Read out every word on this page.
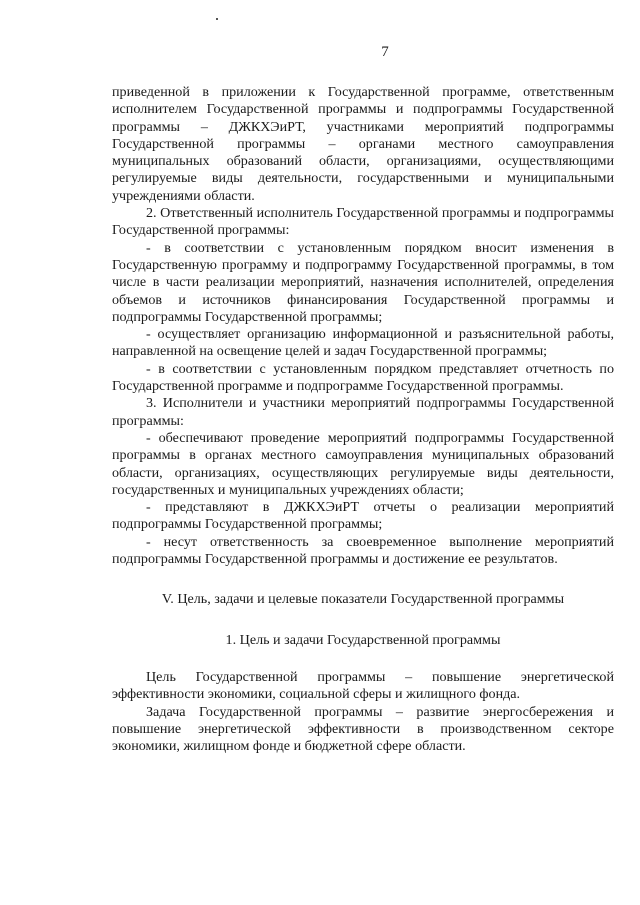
7

приведенной в приложении к Государственной программе, ответственным исполнителем Государственной программы и подпрограммы Государственной программы – ДЖКХЭиРТ, участниками мероприятий подпрограммы Государственной программы – органами местного самоуправления муниципальных образований области, организациями, осуществляющими регулируемые виды деятельности, государственными и муниципальными учреждениями области.

2. Ответственный исполнитель Государственной программы и подпрограммы Государственной программы:

- в соответствии с установленным порядком вносит изменения в Государственную программу и подпрограмму Государственной программы, в том числе в части реализации мероприятий, назначения исполнителей, определения объемов и источников финансирования Государственной программы и подпрограммы Государственной программы;

- осуществляет организацию информационной и разъяснительной работы, направленной на освещение целей и задач Государственной программы;

- в соответствии с установленным порядком представляет отчетность по Государственной программе и подпрограмме Государственной программы.

3. Исполнители и участники мероприятий подпрограммы Государственной программы:

- обеспечивают проведение мероприятий подпрограммы Государственной программы в органах местного самоуправления муниципальных образований области, организациях, осуществляющих регулируемые виды деятельности, государственных и муниципальных учреждениях области;

- представляют в ДЖКХЭиРТ отчеты о реализации мероприятий подпрограммы Государственной программы;

- несут ответственность за своевременное выполнение мероприятий подпрограммы Государственной программы и достижение ее результатов.

V. Цель, задачи и целевые показатели Государственной программы

1. Цель и задачи Государственной программы

Цель Государственной программы – повышение энергетической эффективности экономики, социальной сферы и жилищного фонда.

Задача Государственной программы – развитие энергосбережения и повышение энергетической эффективности в производственном секторе экономики, жилищном фонде и бюджетной сфере области.
